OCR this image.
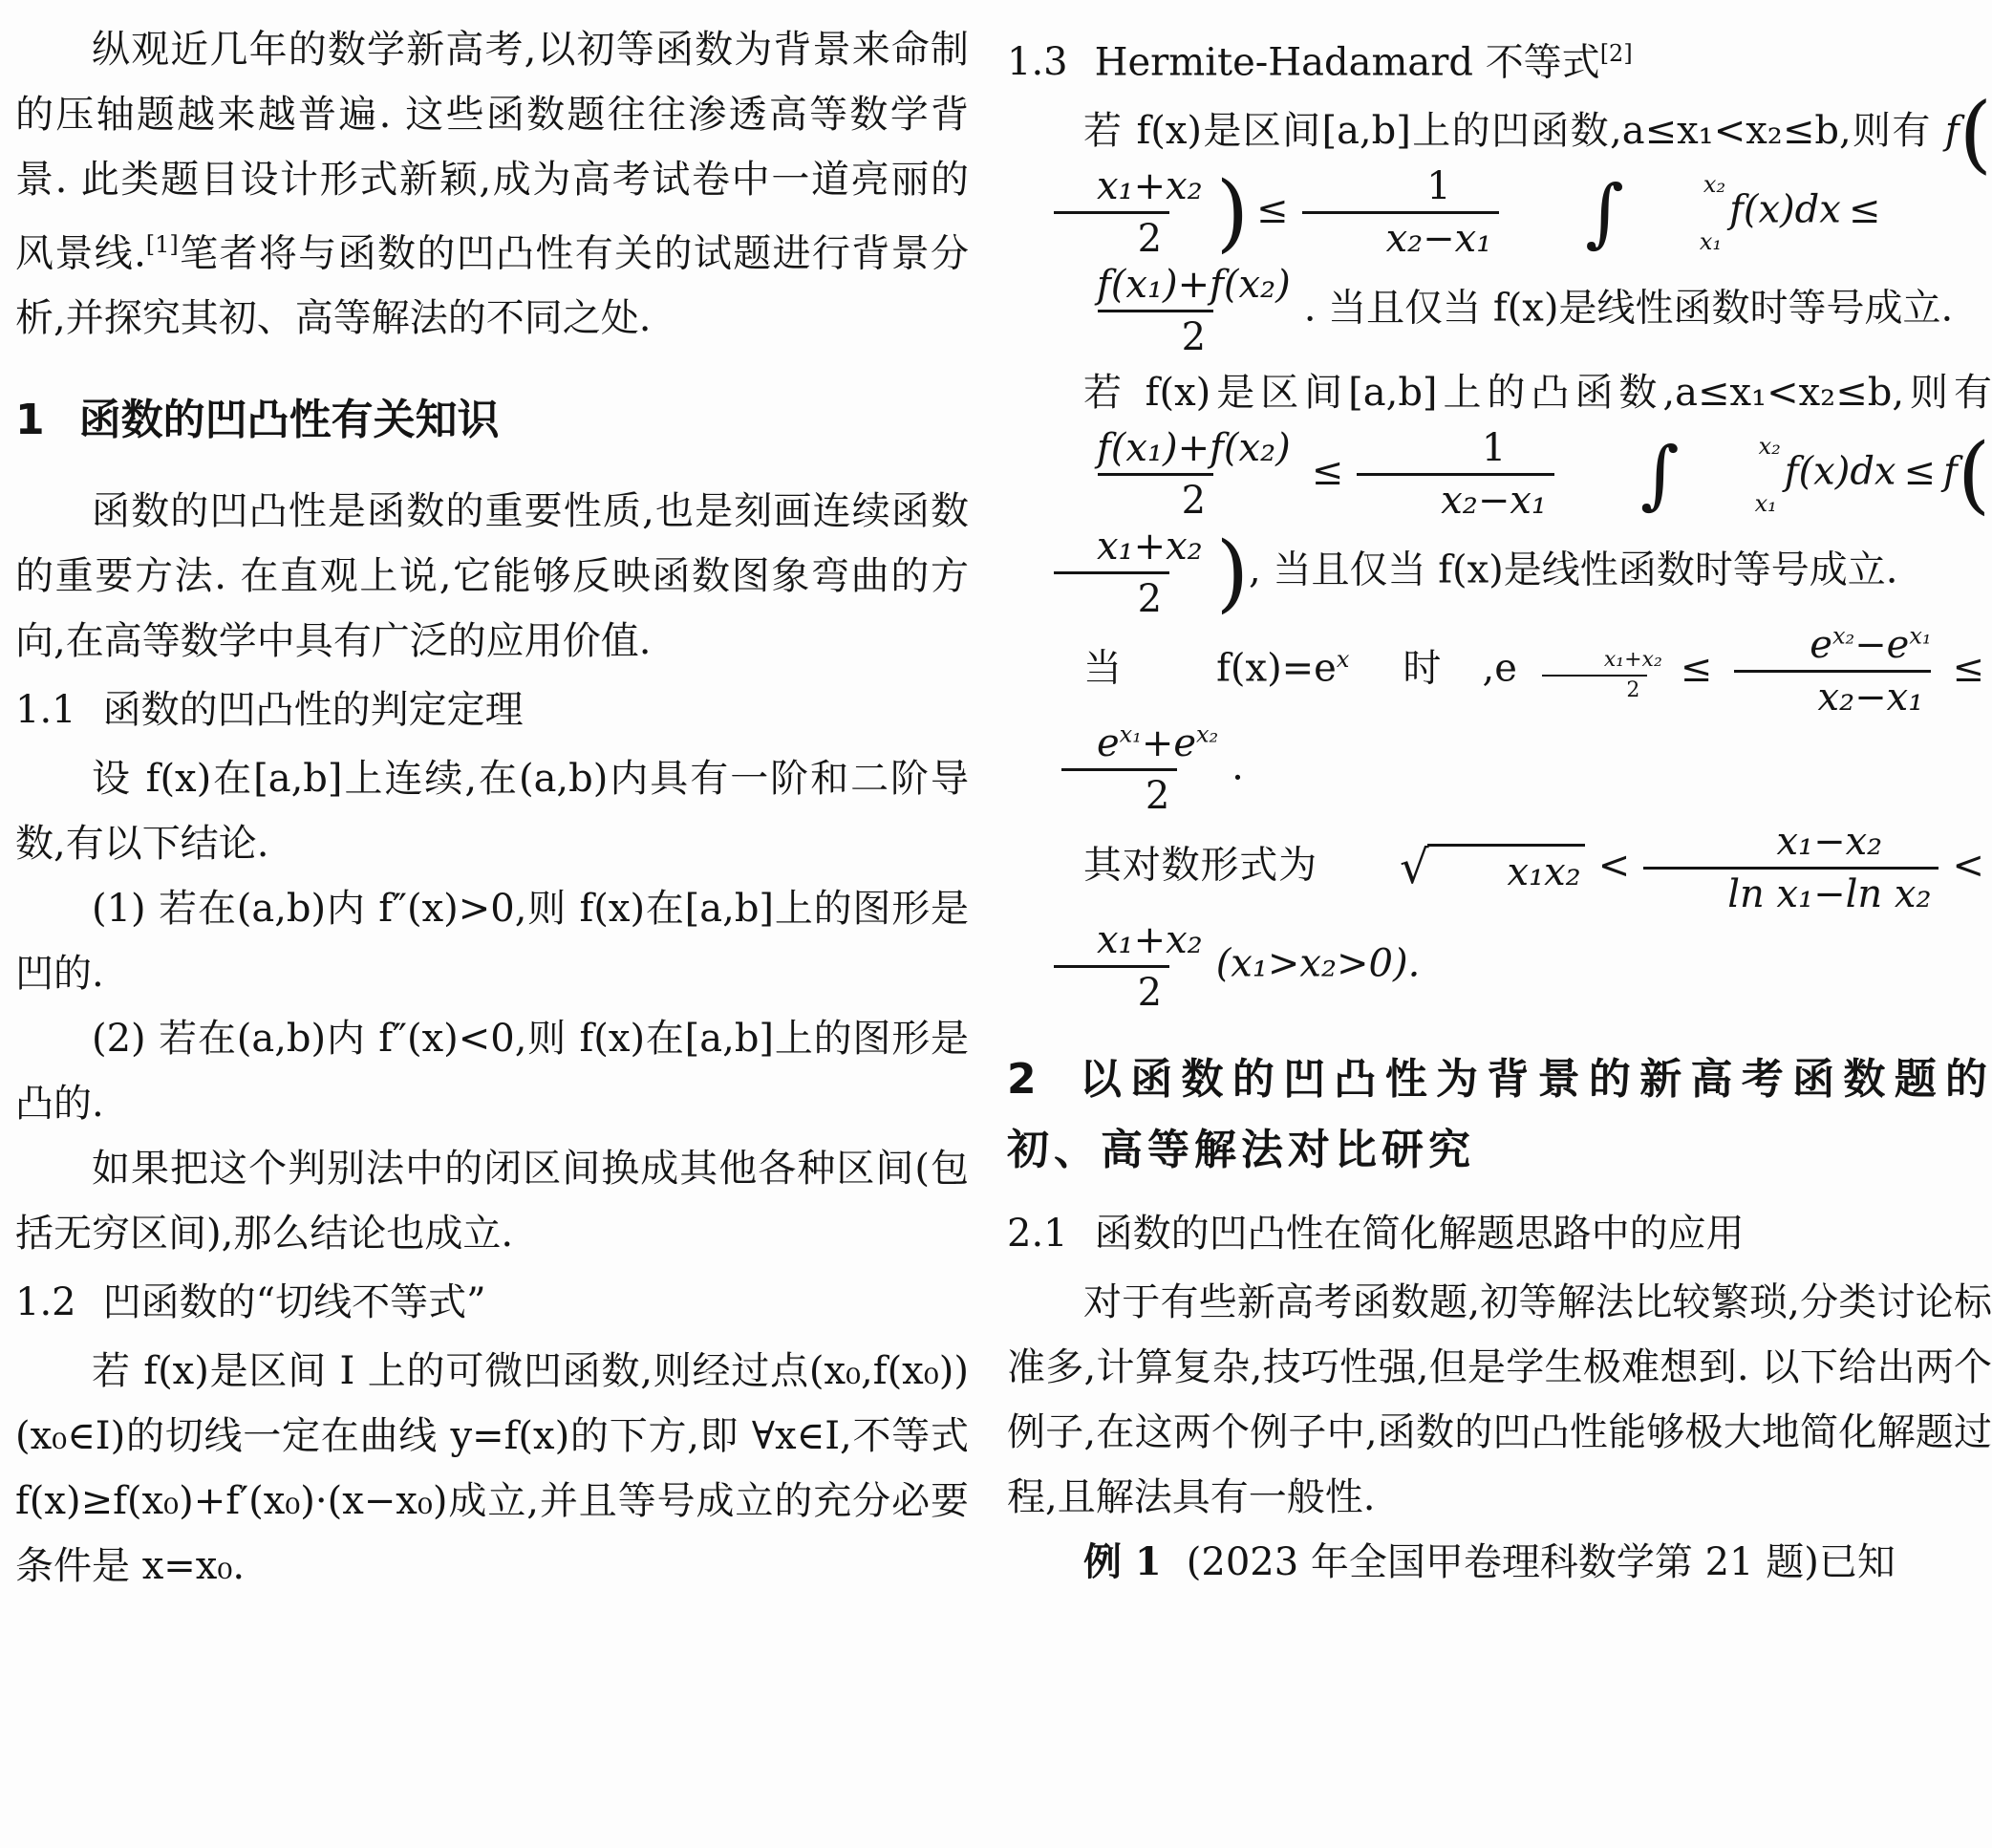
纵观近几年的数学新高考,以初等函数为背景来命制的压轴题越来越普遍. 这些函数题往往渗透高等数学背景. 此类题目设计形式新颖,成为高考试卷中一道亮丽的风景线.[1]笔者将与函数的凹凸性有关的试题进行背景分析,并探究其初、高等解法的不同之处.

1 函数的凹凸性有关知识

函数的凹凸性是函数的重要性质,也是刻画连续函数的重要方法. 在直观上说,它能够反映函数图象弯曲的方向,在高等数学中具有广泛的应用价值.

1.1 函数的凹凸性的判定定理

设 f(x)在[a,b]上连续,在(a,b)内具有一阶和二阶导数,有以下结论.

(1) 若在(a,b)内 f″(x)>0,则 f(x)在[a,b]上的图形是凹的.

(2) 若在(a,b)内 f″(x)<0,则 f(x)在[a,b]上的图形是凸的.

如果把这个判别法中的闭区间换成其他各种区间(包括无穷区间),那么结论也成立.

1.2 凹函数的“切线不等式”

若 f(x)是区间 I 上的可微凹函数,则经过点(x₀,f(x₀))(x₀∈I)的切线一定在曲线 y=f(x)的下方,即 ∀x∈I,不等式 f(x)≥f(x₀)+f′(x₀)·(x−x₀)成立,并且等号成立的充分必要条件是 x=x₀.

1.3 Hermite-Hadamard 不等式[2]

若 f(x)是区间[a,b]上的凹函数,a≤x₁<x₂≤b,则有 f(
$\frac{\text{x₁+x₂}}{2}$ ) ≤ $\frac{1}{\text{x₂−x₁}}$	∫	x₂
x₁
f(x)dx ≤
$\frac{\text{f(x₁)+f(x₂)}}{2}$ . 当且仅当 f(x)是线性函数时等号成立.

若 f(x)是区间[a,b]上的凸函数,a≤x₁<x₂≤b,则有
$\frac{\text{f(x₁)+f(x₂)}}{2} \le \frac{1}{\text{x₂−x₁}}$	∫	x₂
x₁
f(x)dx ≤ f(
$\frac{\text{x₁+x₂}}{2}$ ), 当且仅当 f(x)是线性函数时等号成立.

当 $f(x)=e^x$ 时$,e \frac{\text{x₁+x₂}}{2} \le \frac{e^{x_2}-e^{x_1}}{\text{x₂−x₁}}$ ≤
$\frac{e^{x_1}+e^{x_2}}{2}$ .

其对数形式为	√	$x_1x_2 < \frac{\text{x₁−x₂}}{\text{ln x₁−ln x₂}}$ <
$\frac{\text{x₁+x₂}}{2} (x_1>x_2>0)$.

2 以函数的凹凸性为背景的新高考函数题的初、高等解法对比研究
2.1 函数的凹凸性在简化解题思路中的应用

对于有些新高考函数题,初等解法比较繁琐,分类讨论标准多,计算复杂,技巧性强,但是学生极难想到. 以下给出两个例子,在这两个例子中,函数的凹凸性能够极大地简化解题过程,且解法具有一般性.

例 1 (2023 年全国甲卷理科数学第 21 题)已知
